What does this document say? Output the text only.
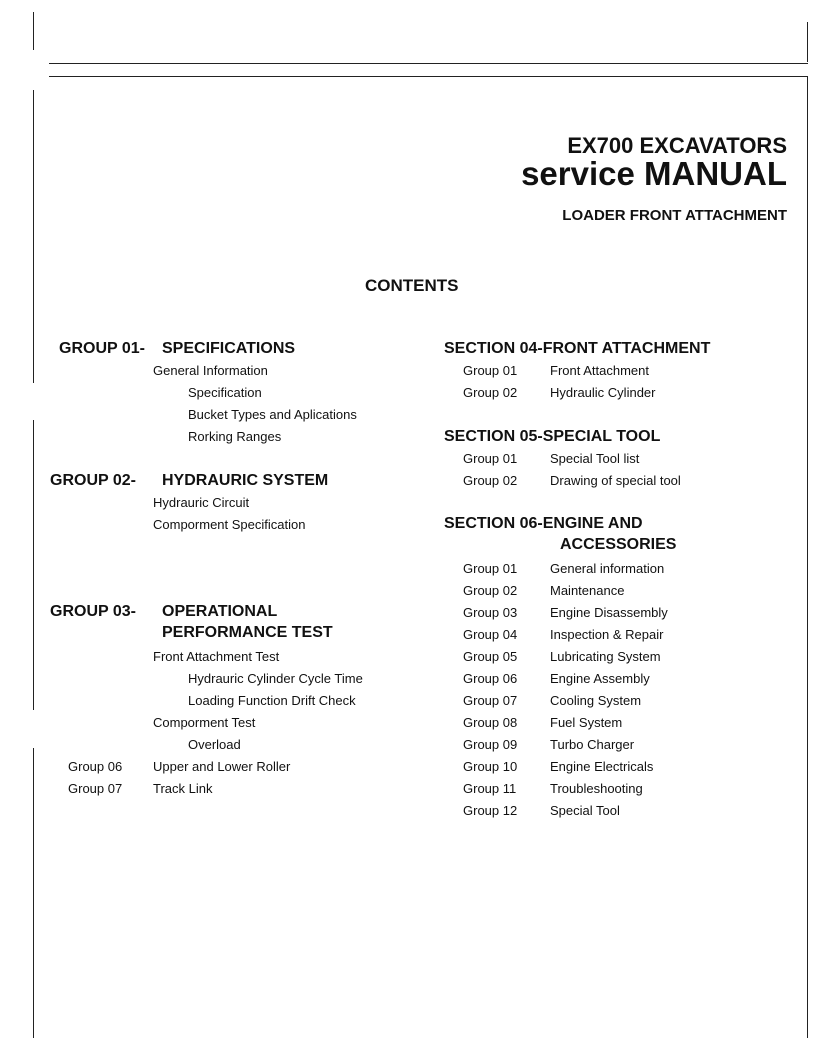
EX700 EXCAVATORS
service MANUAL
LOADER FRONT ATTACHMENT
CONTENTS
GROUP 01- SPECIFICATIONS
General Information
Specification
Bucket Types and Aplications
Rorking Ranges
GROUP 02- HYDRAURIC SYSTEM
Hydrauric Circuit
Comporment Specification
GROUP 03- OPERATIONAL
PERFORMANCE TEST
Front Attachment Test
Hydrauric Cylinder Cycle Time
Loading Function Drift Check
Comporment Test
Overload
Group 06 Upper and Lower Roller
Group 07 Track Link
SECTION 04-FRONT ATTACHMENT
Group 01	Front Attachment
Group 02	Hydraulic Cylinder
SECTION 05-SPECIAL TOOL
Group 01	Special Tool list
Group 02	Drawing of special tool
SECTION 06-ENGINE AND
ACCESSORIES
Group 01	General information
Group 02	Maintenance
Group 03	Engine Disassembly
Group 04	Inspection & Repair
Group 05	Lubricating System
Group 06	Engine Assembly
Group 07	Cooling System
Group 08	Fuel System
Group 09	Turbo Charger
Group 10	Engine Electricals
Group 11	Troubleshooting
Group 12	Special Tool
